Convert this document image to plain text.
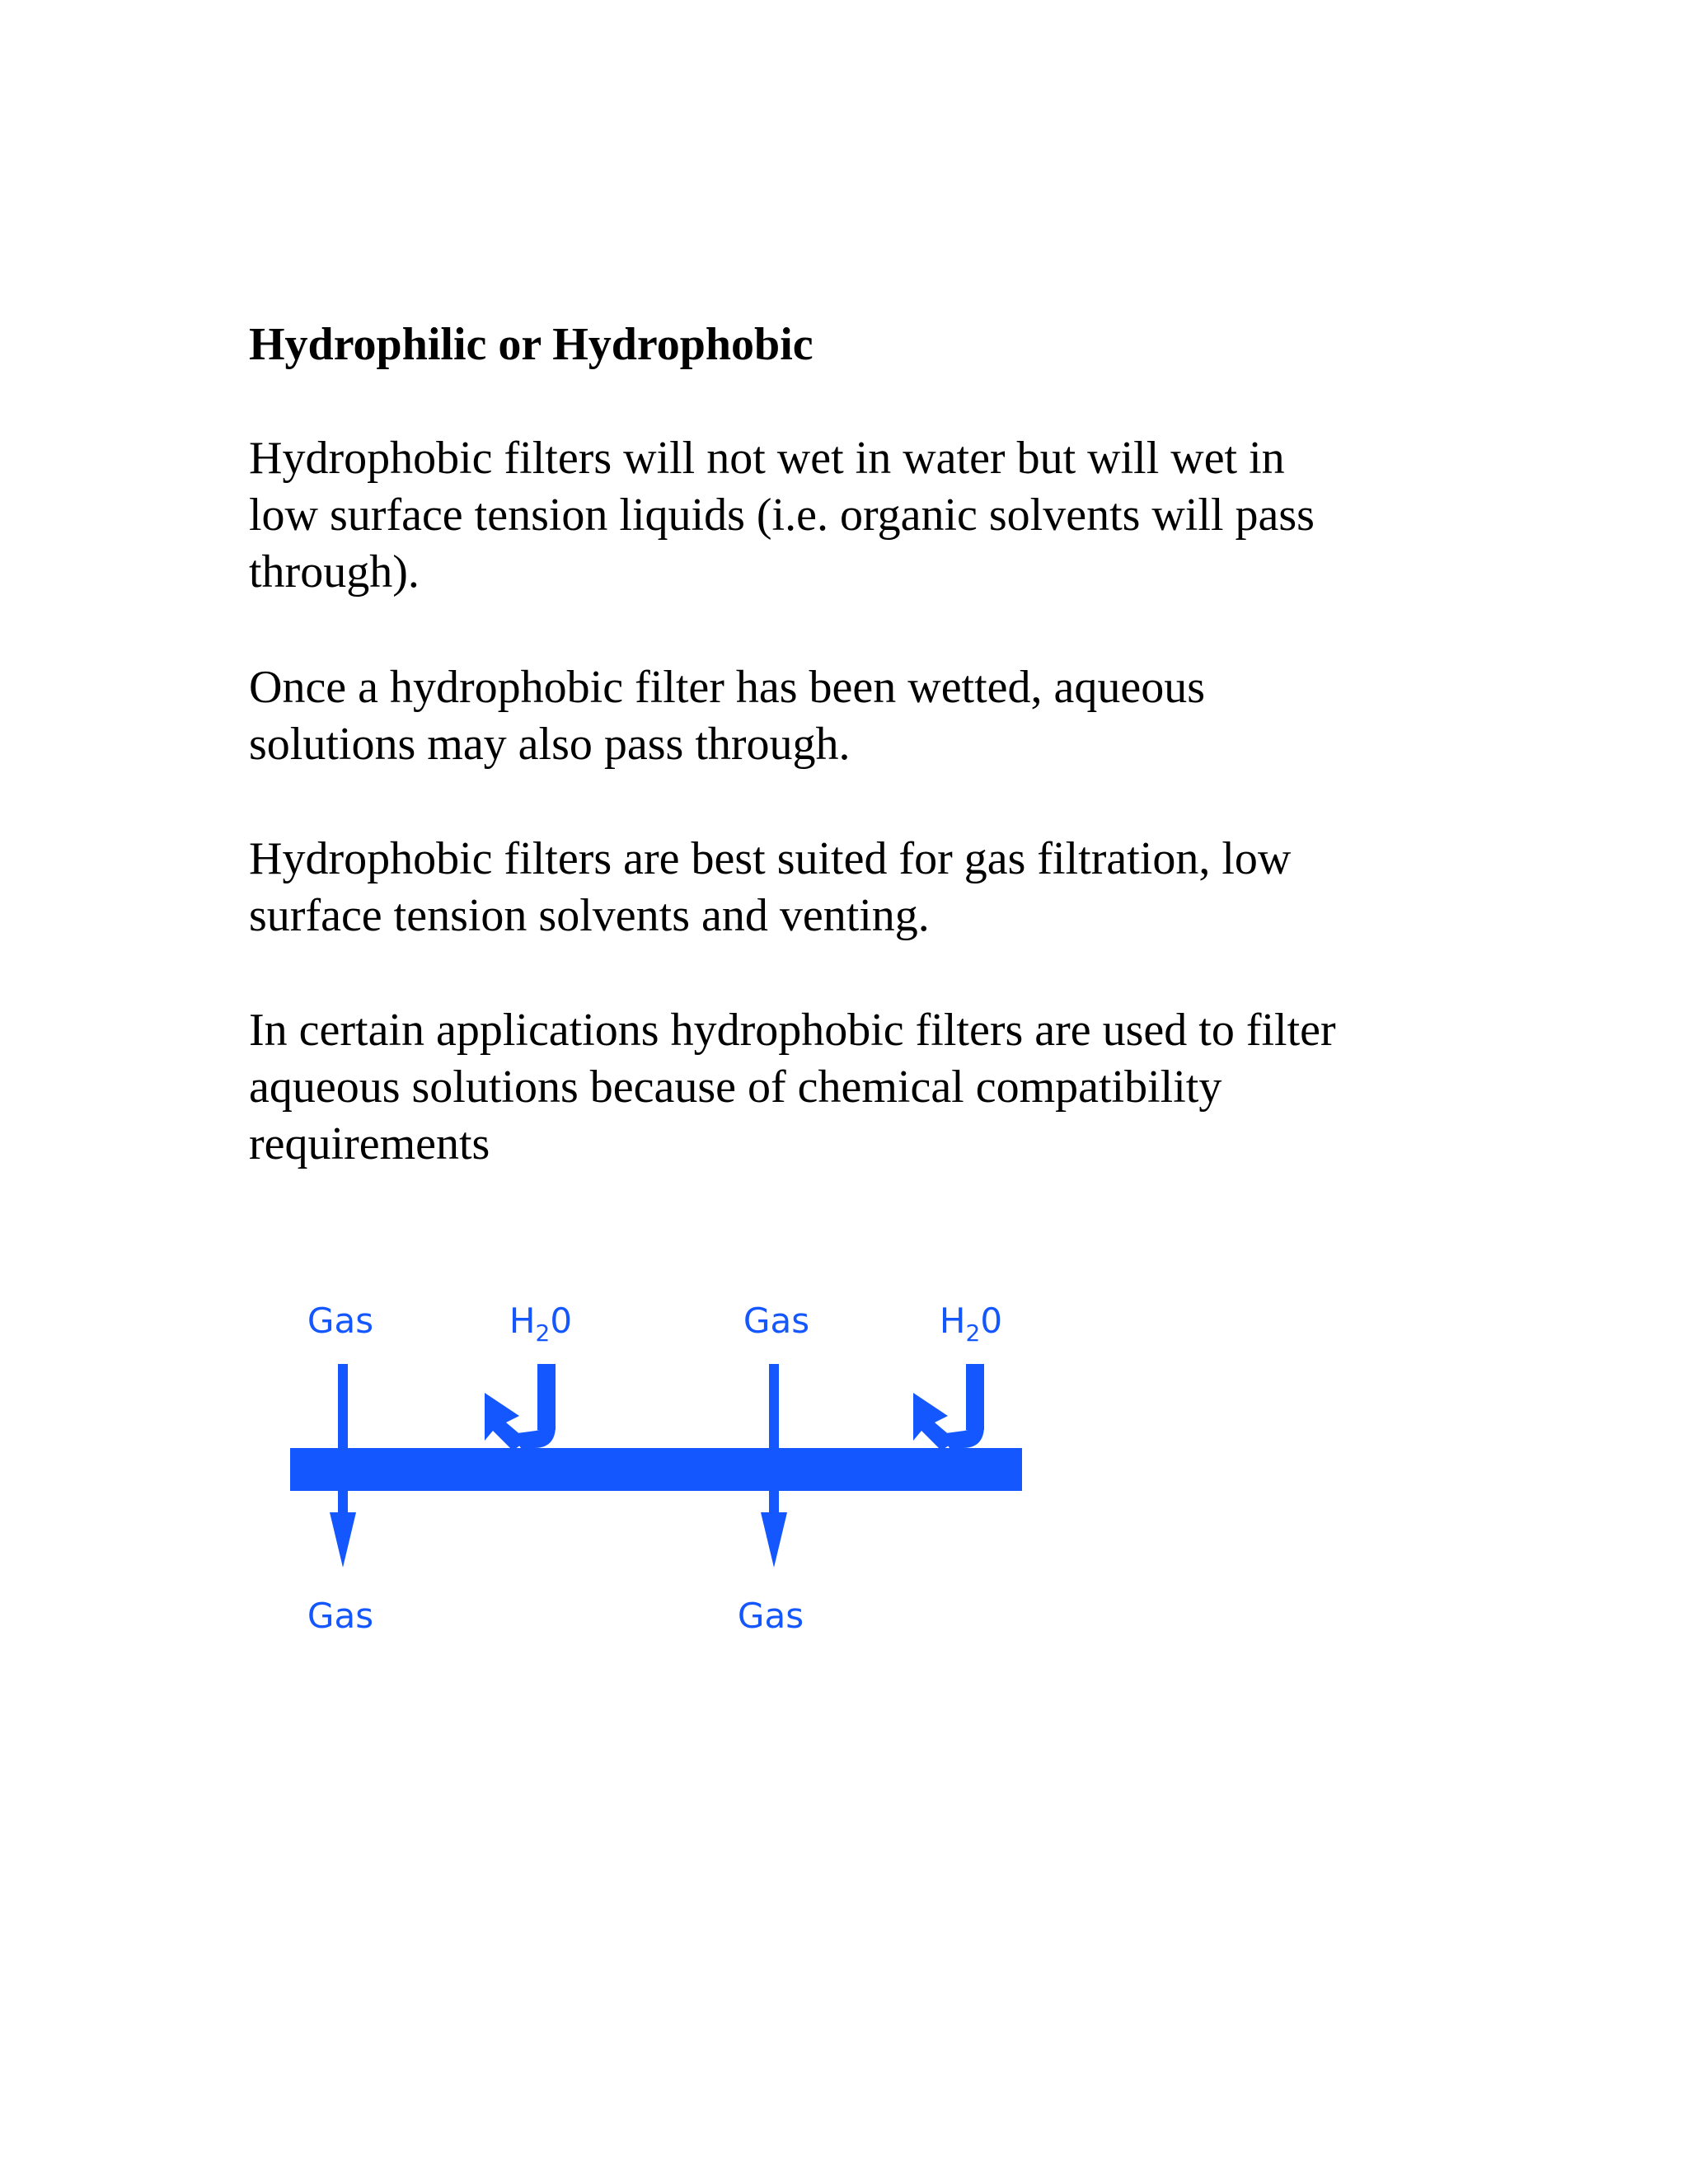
Hydrophilic or Hydrophobic

Hydrophobic filters will not wet in water but will wet in
low surface tension liquids (i.e. organic solvents will pass
through).

Once a hydrophobic filter has been wetted, aqueous
solutions may also pass through.

Hydrophobic filters are best suited for gas filtration, low
surface tension solvents and venting.

In certain applications hydrophobic filters are used to filter
aqueous solutions because of chemical compatibility
requirements

Gas	$H_20$	Gas	$H_20$
Gas	Gas
